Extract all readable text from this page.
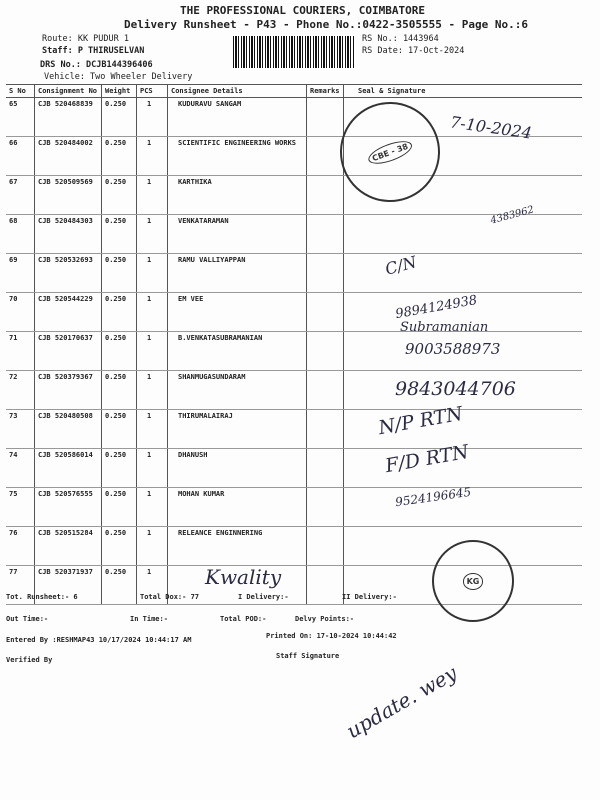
THE PROFESSIONAL COURIERS, COIMBATORE
Delivery Runsheet - P43 - Phone No.:0422-3505555 - Page No.:6
Route: KK PUDUR 1
Staff: P THIRUSELVAN
DRS No.: DCJB144396406
Vehicle: Two Wheeler Delivery
RS No.: 1443964
RS Date: 17-Oct-2024
S No	Consignment No	Weight	PCS	Consignee Details	Remarks	Seal & Signature
65	CJB 520468839	0.250	1	KUDURAVU SANGAM		
66	CJB 520484002	0.250	1	SCIENTIFIC ENGINEERING WORKS		
67	CJB 520509569	0.250	1	KARTHIKA		
68	CJB 520484303	0.250	1	VENKATARAMAN		
69	CJB 520532693	0.250	1	RAMU VALLIYAPPAN		
70	CJB 520544229	0.250	1	EM VEE		
71	CJB 520170637	0.250	1	B.VENKATASUBRAMANIAN		
72	CJB 520379367	0.250	1	SHANMUGASUNDARAM		
73	CJB 520480508	0.250	1	THIRUMALAIRAJ		
74	CJB 520586014	0.250	1	DHANUSH		
75	CJB 520576555	0.250	1	MOHAN KUMAR		
76	CJB 520515284	0.250	1	RELEANCE ENGINNERING		
77	CJB 520371937	0.250	1			
Tot. Runsheet:- 6	Total Dox:- 77	I Delivery:-	II Delivery:-
Out Time:-	In Time:-	Total POD:-	Delvy Points:-
Entered By :RESHMAP43 10/17/2024 10:44:17 AM	Printed On: 17-10-2024 10:44:42
Verified By	Staff Signature
CBE - 38
KG
7-10-2024
4383962
C/N
9894124938
Subramanian
9003588973
9843044706
N/P RTN
F/D RTN
9524196645
Kwality
update. wey
